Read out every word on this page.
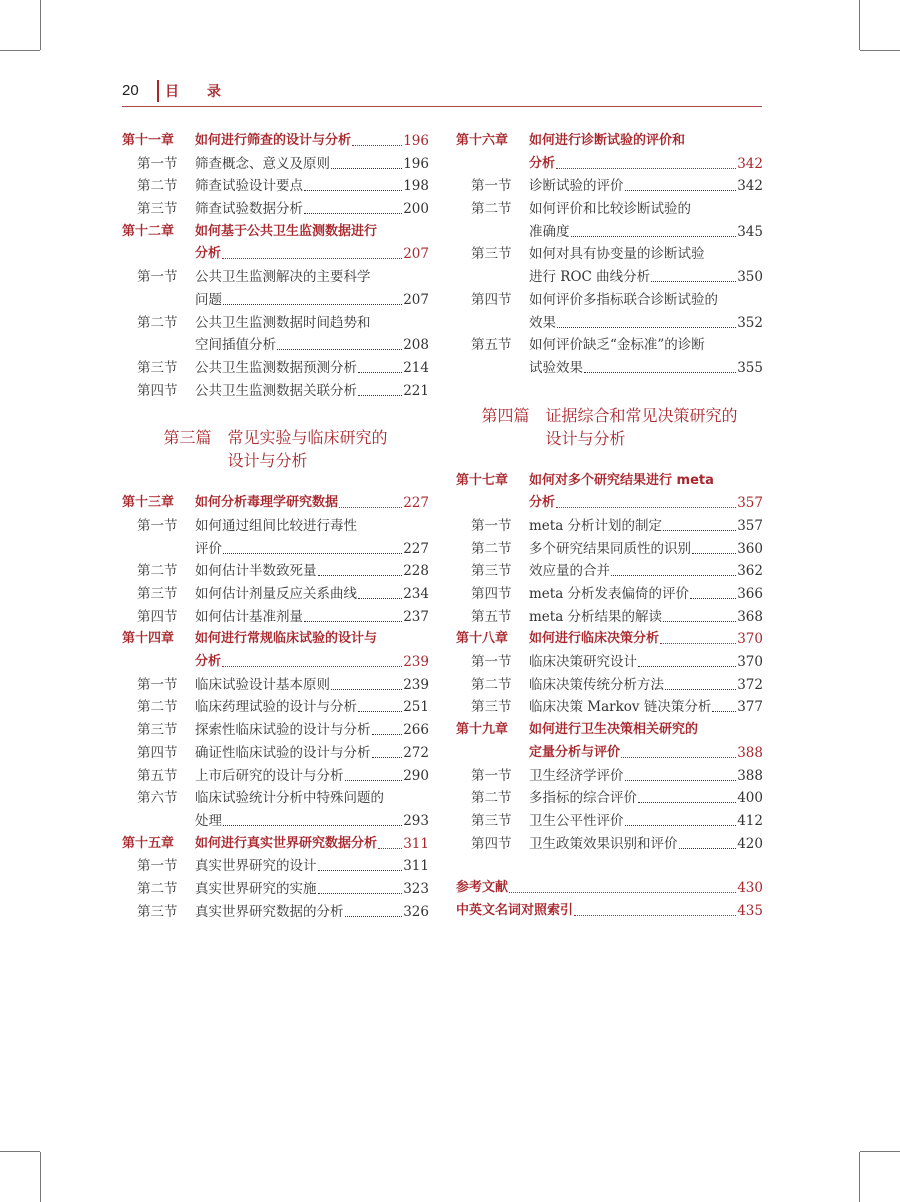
20 目录
第十一章	如何进行筛查的设计与分析	196
第一节	筛查概念、意义及原则	196
第二节	筛查试验设计要点	198
第三节	筛查试验数据分析	200
第十二章	如何基于公共卫生监测数据进行
分析	207
第一节	公共卫生监测解决的主要科学
问题	207
第二节	公共卫生监测数据时间趋势和
空间插值分析	208
第三节	公共卫生监测数据预测分析	214
第四节	公共卫生监测数据关联分析	221
第三篇 常见实验与临床研究的
设计与分析
第十三章	如何分析毒理学研究数据	227
第一节	如何通过组间比较进行毒性
评价	227
第二节	如何估计半数致死量	228
第三节	如何估计剂量反应关系曲线	234
第四节	如何估计基准剂量	237
第十四章	如何进行常规临床试验的设计与
分析	239
第一节	临床试验设计基本原则	239
第二节	临床药理试验的设计与分析	251
第三节	探索性临床试验的设计与分析 266
第四节	确证性临床试验的设计与分析 272
第五节	上市后研究的设计与分析	290
第六节	临床试验统计分析中特殊问题的
处理	293
第十五章	如何进行真实世界研究数据分析 311
第一节	真实世界研究的设计	311
第二节	真实世界研究的实施	323
第三节	真实世界研究数据的分析	326
第十六章	如何进行诊断试验的评价和
分析	342
第一节	诊断试验的评价	342
第二节	如何评价和比较诊断试验的
准确度	345
第三节	如何对具有协变量的诊断试验
进行 ROC 曲线分析	350
第四节	如何评价多指标联合诊断试验的
效果	352
第五节	如何评价缺乏“金标准”的诊断
试验效果	355
第四篇 证据综合和常见决策研究的
设计与分析
第十七章	如何对多个研究结果进行 meta
分析	357
第一节	meta 分析计划的制定	357
第二节	多个研究结果同质性的识别	360
第三节	效应量的合并	362
第四节	meta 分析发表偏倚的评价	366
第五节	meta 分析结果的解读	368
第十八章	如何进行临床决策分析	370
第一节	临床决策研究设计	370
第二节	临床决策传统分析方法	372
第三节	临床决策 Markov 链决策分析 377
第十九章	如何进行卫生决策相关研究的
定量分析与评价	388
第一节	卫生经济学评价	388
第二节	多指标的综合评价	400
第三节	卫生公平性评价	412
第四节	卫生政策效果识别和评价	420
参考文献	430
中英文名词对照索引	435
